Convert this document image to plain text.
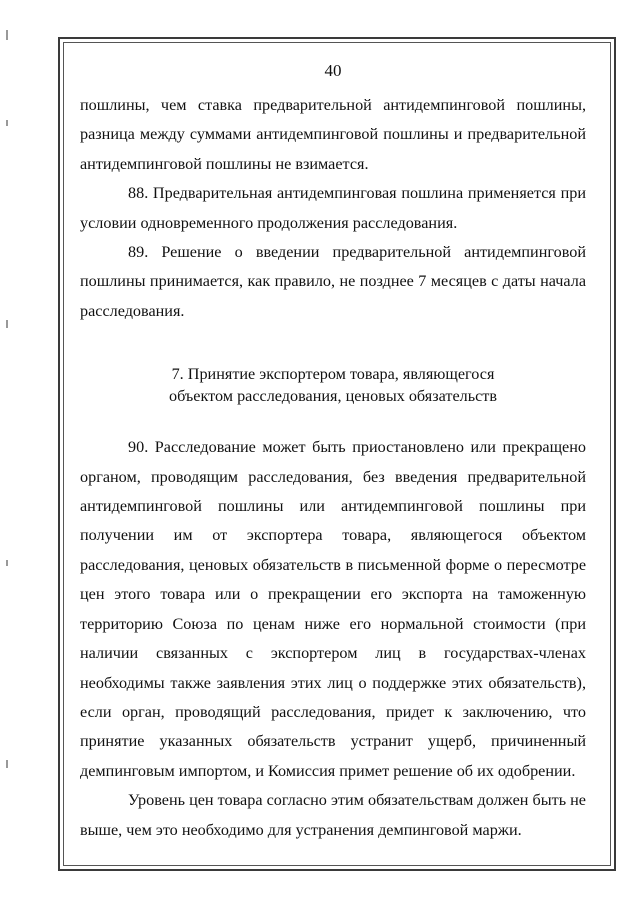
40

пошлины, чем ставка предварительной антидемпинговой пошлины, разница между суммами антидемпинговой пошлины и предварительной антидемпинговой пошлины не взимается.

88. Предварительная антидемпинговая пошлина применяется при условии одновременного продолжения расследования.

89. Решение о введении предварительной антидемпинговой пошлины принимается, как правило, не позднее 7 месяцев с даты начала расследования.

7. Принятие экспортером товара, являющегося
объектом расследования, ценовых обязательств

90. Расследование может быть приостановлено или прекращено органом, проводящим расследования, без введения предварительной антидемпинговой пошлины или антидемпинговой пошлины при получении им от экспортера товара, являющегося объектом расследования, ценовых обязательств в письменной форме о пересмотре цен этого товара или о прекращении его экспорта на таможенную территорию Союза по ценам ниже его нормальной стоимости (при наличии связанных с экспортером лиц в государствах-членах необходимы также заявления этих лиц о поддержке этих обязательств), если орган, проводящий расследования, придет к заключению, что принятие указанных обязательств устранит ущерб, причиненный демпинговым импортом, и Комиссия примет решение об их одобрении.

Уровень цен товара согласно этим обязательствам должен быть не выше, чем это необходимо для устранения демпинговой маржи.
